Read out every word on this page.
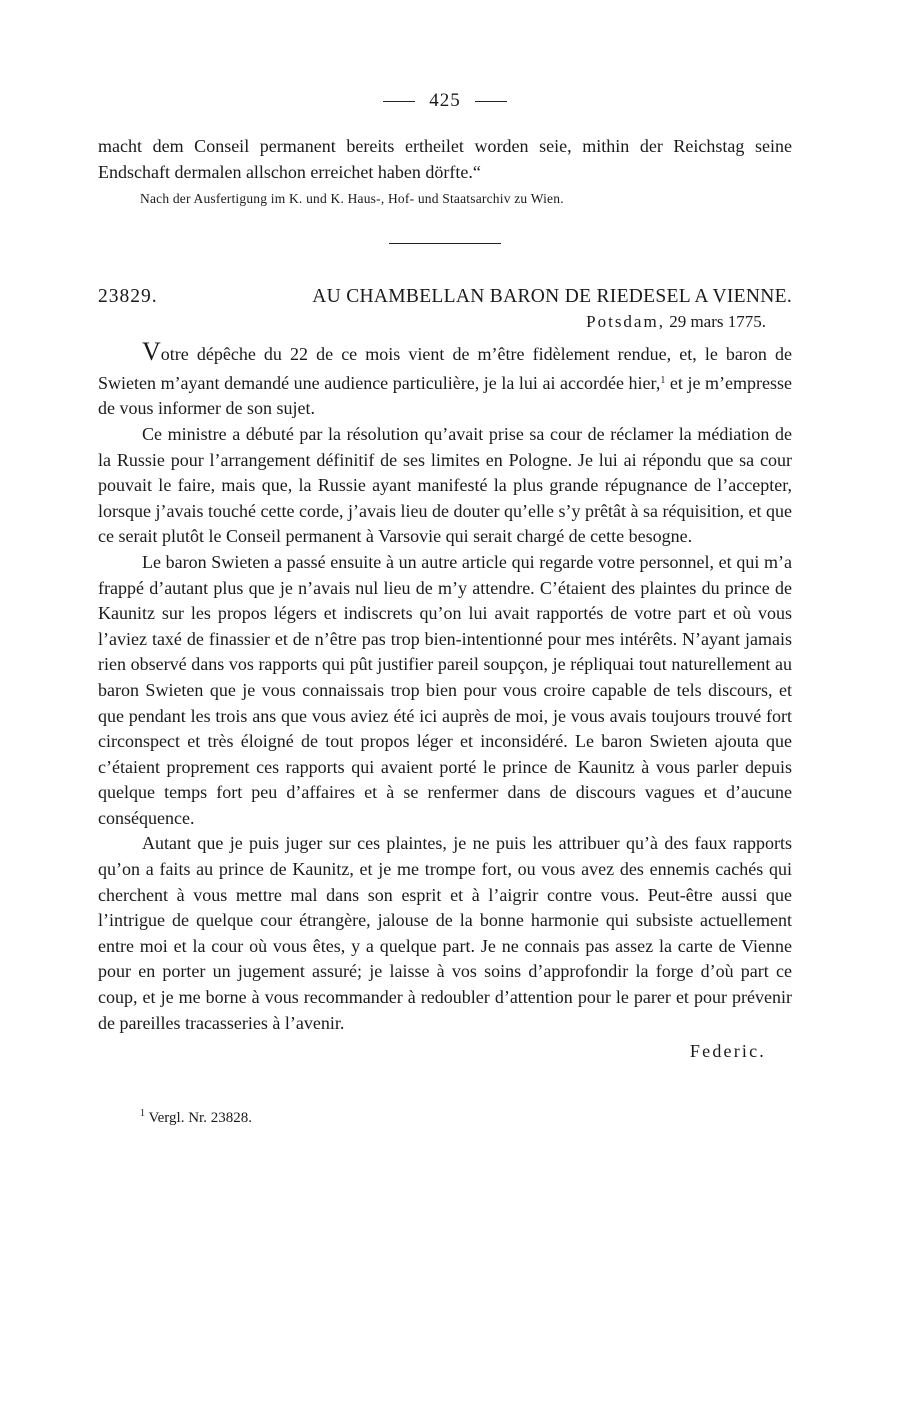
425

macht dem Conseil permanent bereits ertheilet worden seie, mithin der Reichstag seine Endschaft dermalen allschon erreichet haben dörfte.“

Nach der Ausfertigung im K. und K. Haus-, Hof- und Staatsarchiv zu Wien.
23829.	AU CHAMBELLAN BARON DE RIEDESEL A VIENNE.
Potsdam, 29 mars 1775.

Votre dépêche du 22 de ce mois vient de m’être fidèlement rendue, et, le baron de Swieten m’ayant demandé une audience particulière, je la lui ai accordée hier,$^1$ et je m’empresse de vous informer de son sujet.

Ce ministre a débuté par la résolution qu’avait prise sa cour de réclamer la médiation de la Russie pour l’arrangement définitif de ses limites en Pologne. Je lui ai répondu que sa cour pouvait le faire, mais que, la Russie ayant manifesté la plus grande répugnance de l’accepter, lorsque j’avais touché cette corde, j’avais lieu de douter qu’elle s’y prêtât à sa réquisition, et que ce serait plutôt le Conseil permanent à Varsovie qui serait chargé de cette besogne.

Le baron Swieten a passé ensuite à un autre article qui regarde votre personnel, et qui m’a frappé d’autant plus que je n’avais nul lieu de m’y attendre. C’étaient des plaintes du prince de Kaunitz sur les propos légers et indiscrets qu’on lui avait rapportés de votre part et où vous l’aviez taxé de finassier et de n’être pas trop bien-intentionné pour mes intérêts. N’ayant jamais rien observé dans vos rapports qui pût justifier pareil soupçon, je répliquai tout naturellement au baron Swieten que je vous connaissais trop bien pour vous croire capable de tels discours, et que pendant les trois ans que vous aviez été ici auprès de moi, je vous avais toujours trouvé fort circonspect et très éloigné de tout propos léger et inconsidéré. Le baron Swieten ajouta que c’étaient proprement ces rapports qui avaient porté le prince de Kaunitz à vous parler depuis quelque temps fort peu d’affaires et à se renfermer dans de discours vagues et d’aucune conséquence.

Autant que je puis juger sur ces plaintes, je ne puis les attribuer qu’à des faux rapports qu’on a faits au prince de Kaunitz, et je me trompe fort, ou vous avez des ennemis cachés qui cherchent à vous mettre mal dans son esprit et à l’aigrir contre vous. Peut-être aussi que l’intrigue de quelque cour étrangère, jalouse de la bonne harmonie qui subsiste actuellement entre moi et la cour où vous êtes, y a quelque part. Je ne connais pas assez la carte de Vienne pour en porter un jugement assuré; je laisse à vos soins d’approfondir la forge d’où part ce coup, et je me borne à vous recommander à redoubler d’attention pour le parer et pour prévenir de pareilles tracasseries à l’avenir.

Federic.
$^1$ Vergl. Nr. 23828.
